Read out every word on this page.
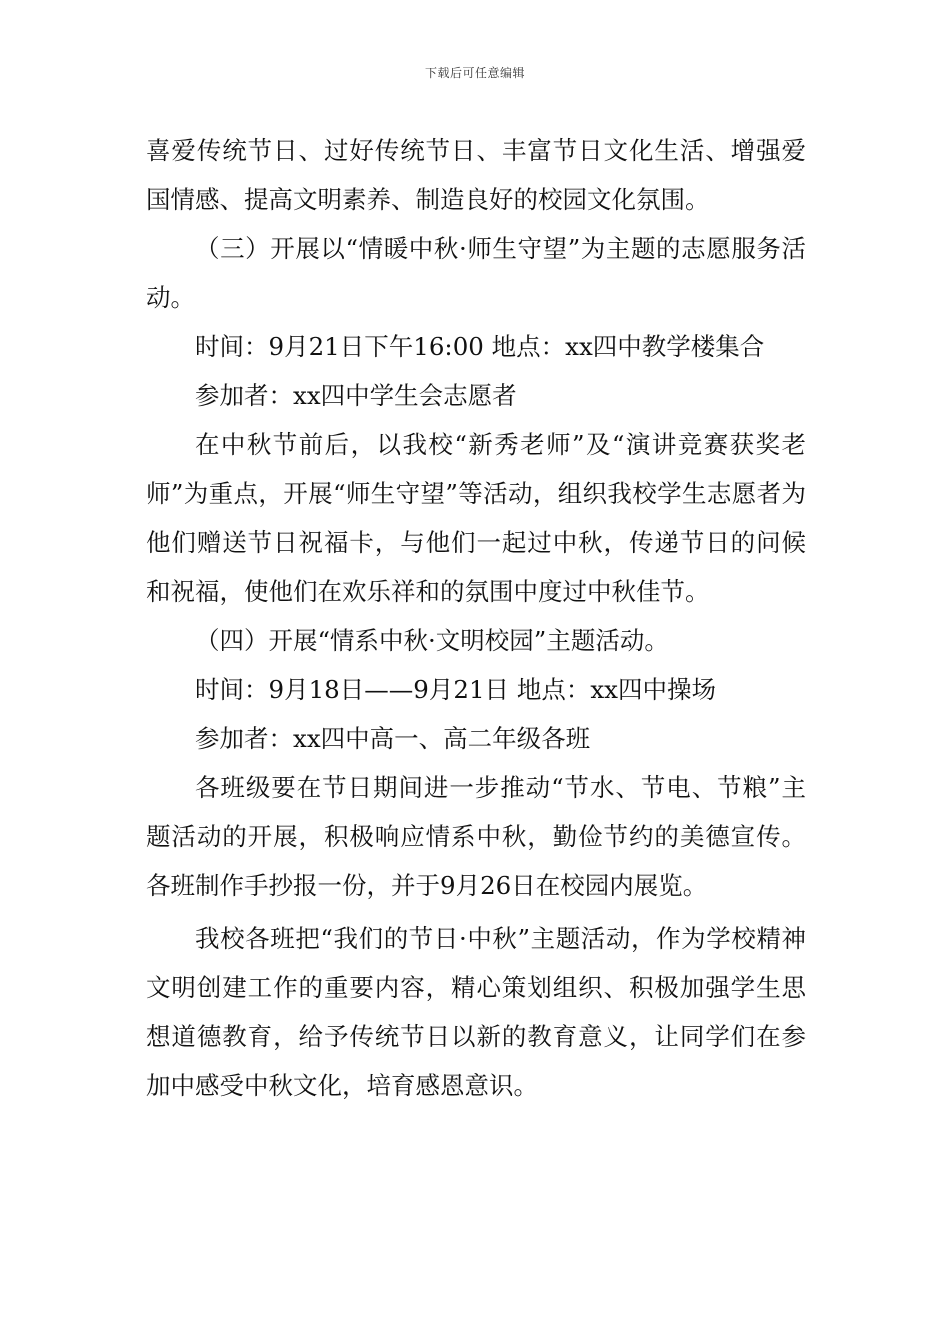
下载后可任意编辑

喜爱传统节日、过好传统节日、丰富节日文化生活、增强爱国情感、提高文明素养、制造良好的校园文化氛围。

（三）开展以“情暖中秋·师生守望”为主题的志愿服务活动。

时间：9月21日下午16:00 地点：xx四中教学楼集合

参加者：xx四中学生会志愿者

在中秋节前后，以我校“新秀老师”及“演讲竞赛获奖老师”为重点，开展“师生守望”等活动，组织我校学生志愿者为他们赠送节日祝福卡，与他们一起过中秋，传递节日的问候和祝福，使他们在欢乐祥和的氛围中度过中秋佳节。

（四）开展“情系中秋·文明校园”主题活动。

时间：9月18日——9月21日 地点：xx四中操场

参加者：xx四中高一、高二年级各班

各班级要在节日期间进一步推动“节水、节电、节粮”主题活动的开展，积极响应情系中秋，勤俭节约的美德宣传。各班制作手抄报一份，并于9月26日在校园内展览。

我校各班把“我们的节日·中秋”主题活动，作为学校精神文明创建工作的重要内容，精心策划组织、积极加强学生思想道德教育，给予传统节日以新的教育意义，让同学们在参加中感受中秋文化，培育感恩意识。
